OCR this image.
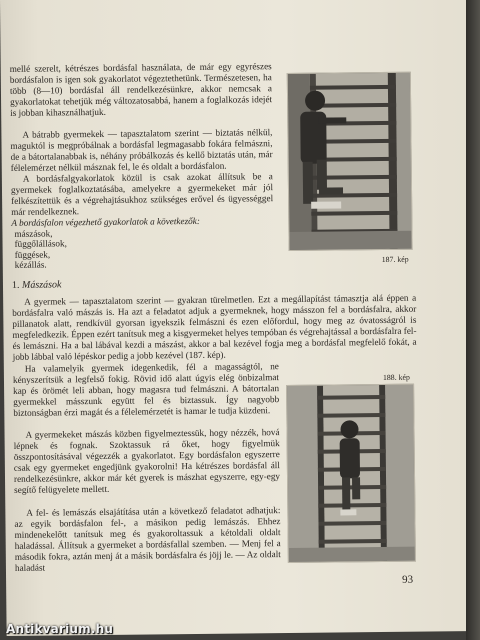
mellé szerelt, kétrészes bordásfal használata, de már egy egyrészes bordásfalon is igen sok gyakorlatot végeztethetünk. Természetesen, ha több (8—10) bordásfal áll rendelkezésünkre, akkor nemcsak a gyakorlatokat tehetjük még változatosabbá, hanem a foglalkozás idejét is jobban kihasználhatjuk.

A bátrabb gyermekek — tapasztalatom szerint — biztatás nélkül, maguktól is megpróbálnak a bordásfal legmagasabb fokára felmászni, de a bátortalanabbak is, néhány próbálkozás és kellő biztatás után, már félelemérzet nélkül másznak fel, le és oldalt a bordásfalon.

A bordásfalgyakorlatok közül is csak azokat állítsuk be a gyermekek foglalkoztatásába, amelyekre a gyermekeket már jól felkészítettük és a végrehajtásukhoz szükséges erővel és ügyességgel már rendelkeznek.

A bordásfalon végezhető gyakorlatok a következők:
mászások,
függőlállások,
függések,
kézállás.
187. kép
1. Mászások

A gyermek — tapasztalatom szerint — gyakran türelmetlen. Ezt a megállapítást támasztja alá éppen a bordásfalra való mászás is. Ha azt a feladatot adjuk a gyermeknek, hogy másszon fel a bordásfalra, akkor pillanatok alatt, rendkívül gyorsan igyekszik felmászni és ezen előfordul, hogy meg az óvatosságról is megfeledkezik. Éppen ezért tanítsuk meg a kisgyermeket helyes tempóban és végrehajtással a bordásfalra fel- és lemászni. Ha a bal lábával kezdi a mászást, akkor a bal kezével fogja meg a bordásfal megfelelő fokát, a jobb lábbal való lépéskor pedig a jobb kezével (187. kép).

188. kép

Ha valamelyik gyermek idegenkedik, fél a magasságtól, ne kényszerítsük a legfelső fokig. Rövid idő alatt úgyis elég önbizalmat kap és örömét leli abban, hogy magasra tud felmászni. A bátortalan gyermekkel másszunk együtt fel és biztassuk. Így nagyobb biztonságban érzi magát és a félelemérzetét is hamar le tudja küzdeni.

A gyermekeket mászás közben figyelmeztessük, hogy nézzék, hová lépnek és fognak. Szoktassuk rá őket, hogy figyelmük összpontosításával végezzék a gyakorlatot. Egy bordásfalon egyszerre csak egy gyermeket engedjünk gyakorolni! Ha kétrészes bordásfal áll rendelkezésünkre, akkor már két gyerek is mászhat egyszerre, egy-egy segítő felügyelete mellett.

A fel- és lemászás elsajátítása után a következő feladatot adhatjuk: az egyik bordásfalon fel-, a másikon pedig lemászás. Ehhez mindenekelőtt tanítsuk meg és gyakoroltassuk a kétoldali oldalt haladással. Állítsuk a gyermeket a bordásfallal szemben. — Menj fel a második fokra, aztán menj át a másik bordásfalra és jöjj le. — Az oldalt haladást

93
Antikvarium.hu
